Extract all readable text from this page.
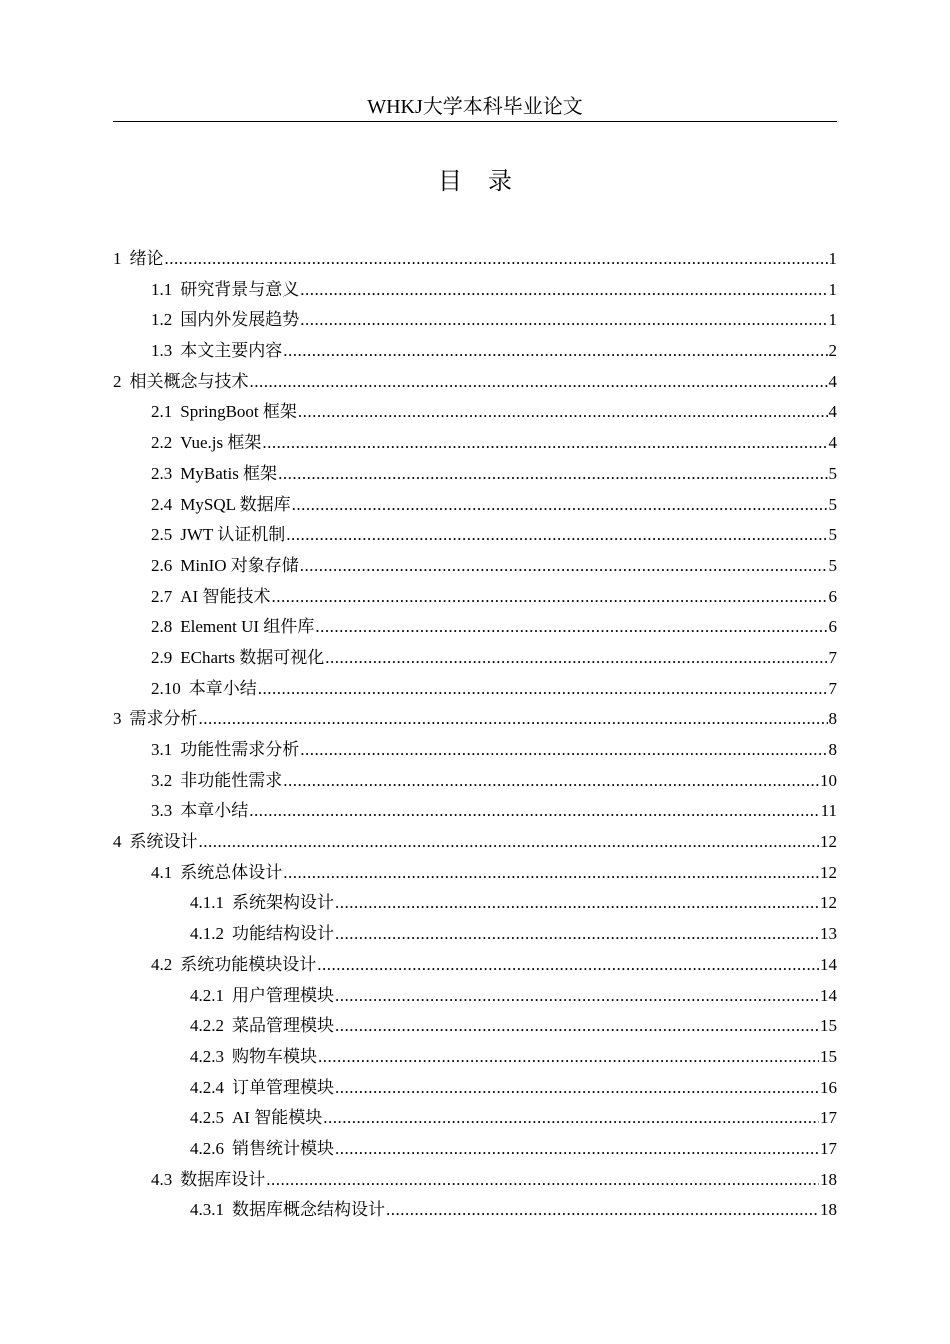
WHKJ大学本科毕业论文
目录
1 绪论 .....	1
1.1 研究背景与意义 .....	1
1.2 国内外发展趋势 .....	1
1.3 本文主要内容 .....	2
2 相关概念与技术 .....	4
2.1 SpringBoot 框架 .....	4
2.2 Vue.js 框架 .....	4
2.3 MyBatis 框架 .....	5
2.4 MySQL 数据库 .....	5
2.5 JWT 认证机制 .....	5
2.6 MinIO 对象存储 .....	5
2.7 AI 智能技术 .....	6
2.8 Element UI 组件库 .....	6
2.9 ECharts 数据可视化 .....	7
2.10 本章小结 .....	7
3 需求分析 .....	8
3.1 功能性需求分析 .....	8
3.2 非功能性需求 .....	10
3.3 本章小结 .....	11
4 系统设计 .....	12
4.1 系统总体设计 .....	12
4.1.1 系统架构设计 .....	12
4.1.2 功能结构设计 .....	13
4.2 系统功能模块设计 .....	14
4.2.1 用户管理模块 .....	14
4.2.2 菜品管理模块 .....	15
4.2.3 购物车模块 .....	15
4.2.4 订单管理模块 .....	16
4.2.5 AI 智能模块 .....	17
4.2.6 销售统计模块 .....	17
4.3 数据库设计 .....	18
4.3.1 数据库概念结构设计 .....	18
